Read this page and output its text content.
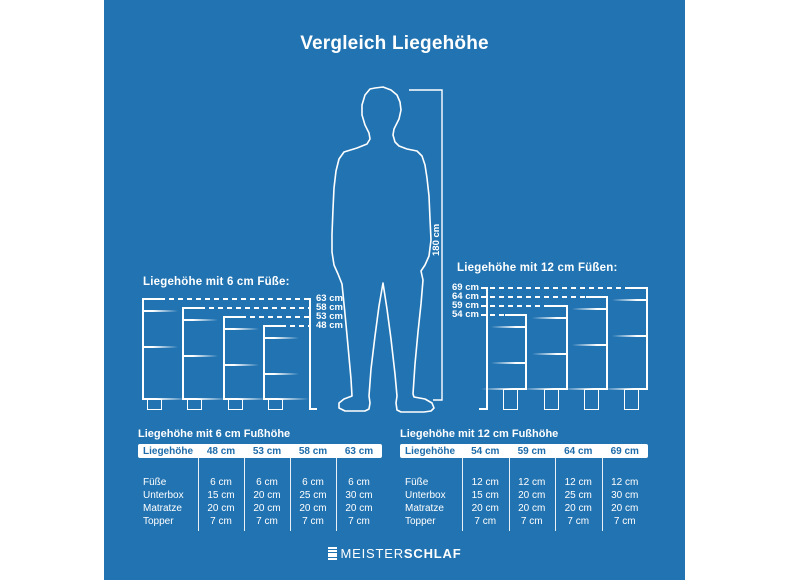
Vergleich Liegehöhe
180 cm
Liegehöhe mit 6 cm Füße:
63 cm
58 cm
53 cm
48 cm
Liegehöhe mit 12 cm Füßen:
69 cm
64 cm
59 cm
54 cm
Liegehöhe mit 6 cm Fußhöhe
Liegehöhe	48 cm	53 cm	58 cm	63 cm
Füße	6 cm	6 cm	6 cm	6 cm
Unterbox	15 cm	20 cm	25 cm	30 cm
Matratze	20 cm	20 cm	20 cm	20 cm
Topper	7 cm	7 cm	7 cm	7 cm
Liegehöhe mit 12 cm Fußhöhe
Liegehöhe	54 cm	59 cm	64 cm	69 cm
Füße	12 cm	12 cm	12 cm	12 cm
Unterbox	15 cm	20 cm	25 cm	30 cm
Matratze	20 cm	20 cm	20 cm	20 cm
Topper	7 cm	7 cm	7 cm	7 cm
MEISTERSCHLAF
